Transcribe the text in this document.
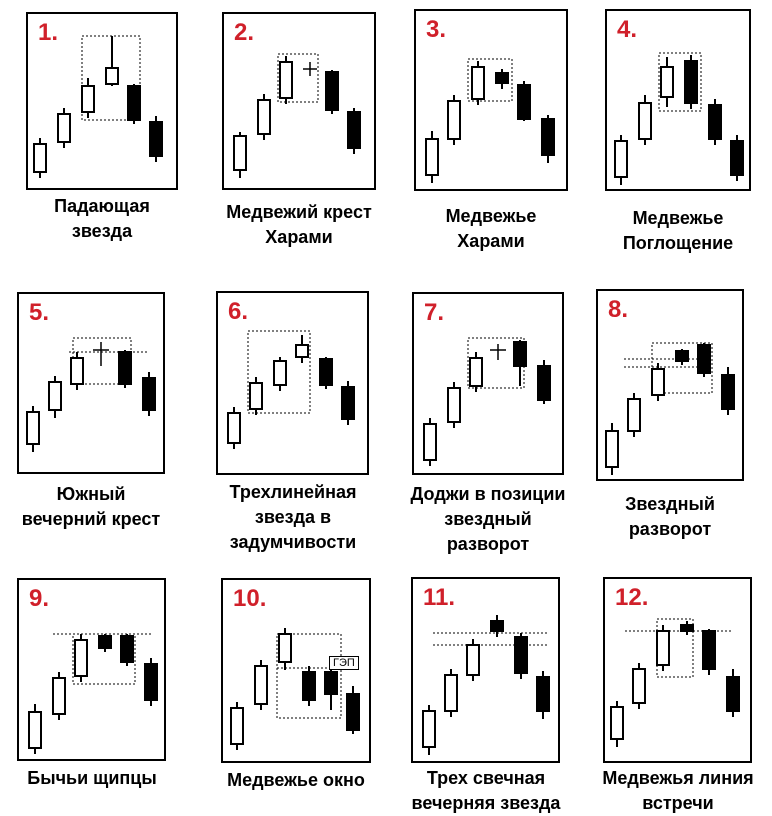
1.
Падающая
звезда
2.
Медвежий крест
Харами
3.
Медвежье
Харами
4.
Медвежье
Поглощение
5.
Южный
вечерний крест
6.
Трехлинейная
звезда в
задумчивости
7.
Доджи в позиции
звездный
разворот
8.
Звездный
разворот
9.
Бычьи щипцы
10.
ГЭП
Медвежье окно
11.
Трех свечная
вечерняя звезда
12.
Медвежья линия
встречи
